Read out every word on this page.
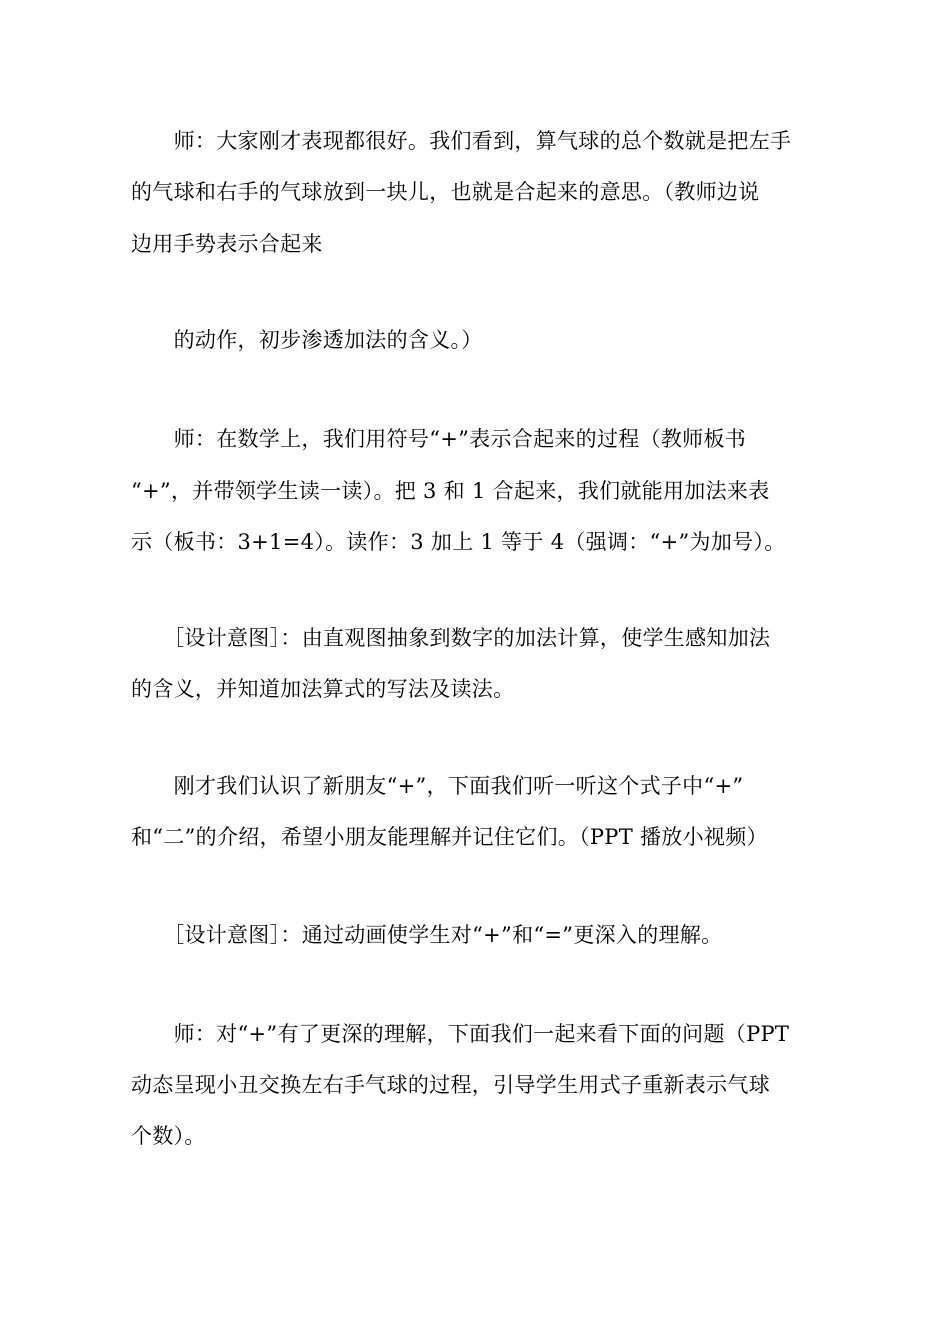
　　师：大家刚才表现都很好。我们看到，算气球的总个数就是把左手
的气球和右手的气球放到一块儿，也就是合起来的意思。（教师边说
边用手势表示合起来
　　的动作，初步渗透加法的含义。）
　　师：在数学上，我们用符号“+”表示合起来的过程（教师板书
“+”，并带领学生读一读）。把 3 和 1 合起来，我们就能用加法来表
示（板书：3+1=4）。读作：3 加上 1 等于 4（强调：“+”为加号）。
　　［设计意图］：由直观图抽象到数字的加法计算，使学生感知加法
的含义，并知道加法算式的写法及读法。
　　刚才我们认识了新朋友“+”，下面我们听一听这个式子中“+”
和“二”的介绍，希望小朋友能理解并记住它们。（PPT 播放小视频）
　　［设计意图］：通过动画使学生对“+”和“=”更深入的理解。
　　师：对“+”有了更深的理解，下面我们一起来看下面的问题（PPT
动态呈现小丑交换左右手气球的过程，引导学生用式子重新表示气球
个数）。
